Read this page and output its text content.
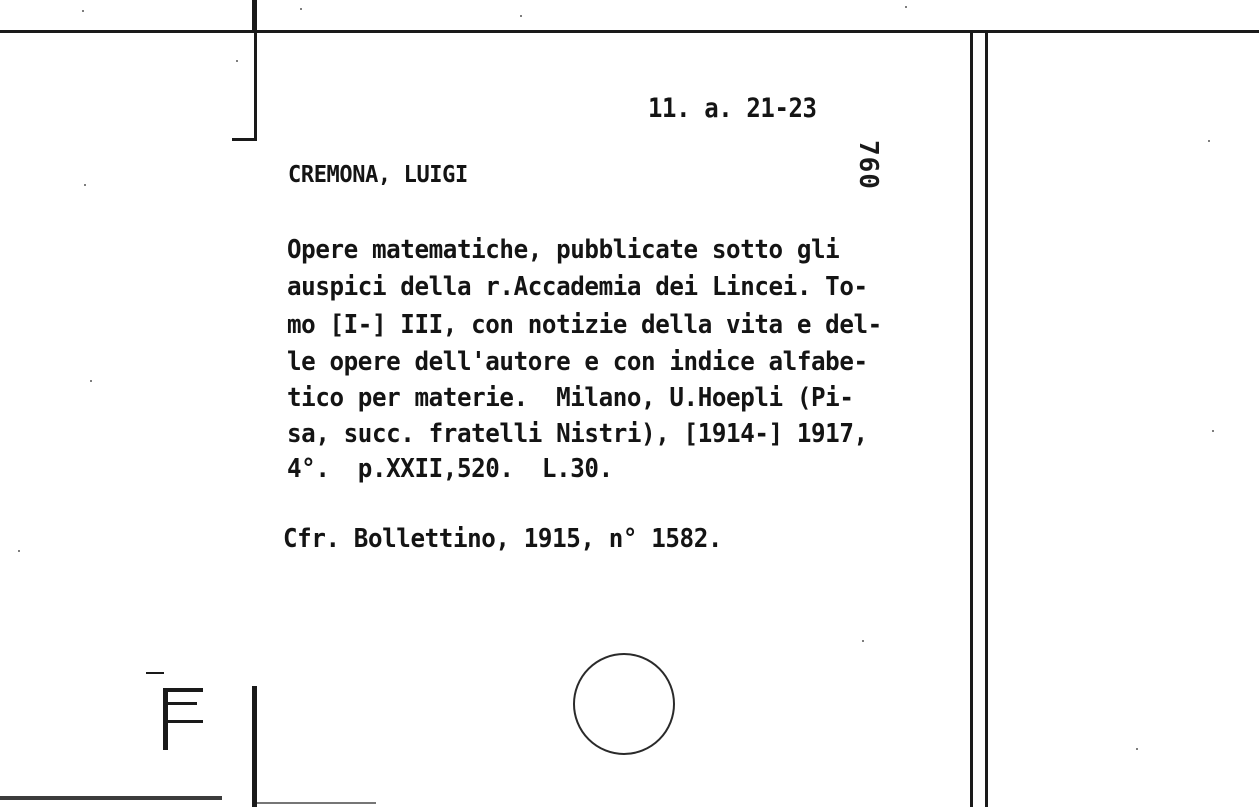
11. a. 21-23

760

CREMONA, LUIGI

Opere matematiche, pubblicate sotto gli

auspici della r.Accademia dei Lincei. To-

mo [I-] III, con notizie della vita e del-

le opere dell'autore e con indice alfabe-

tico per materie.  Milano, U.Hoepli (Pi-

sa, succ. fratelli Nistri), [1914-] 1917,

4°.  p.XXII,520.  L.30.

Cfr. Bollettino, 1915, n° 1582.
